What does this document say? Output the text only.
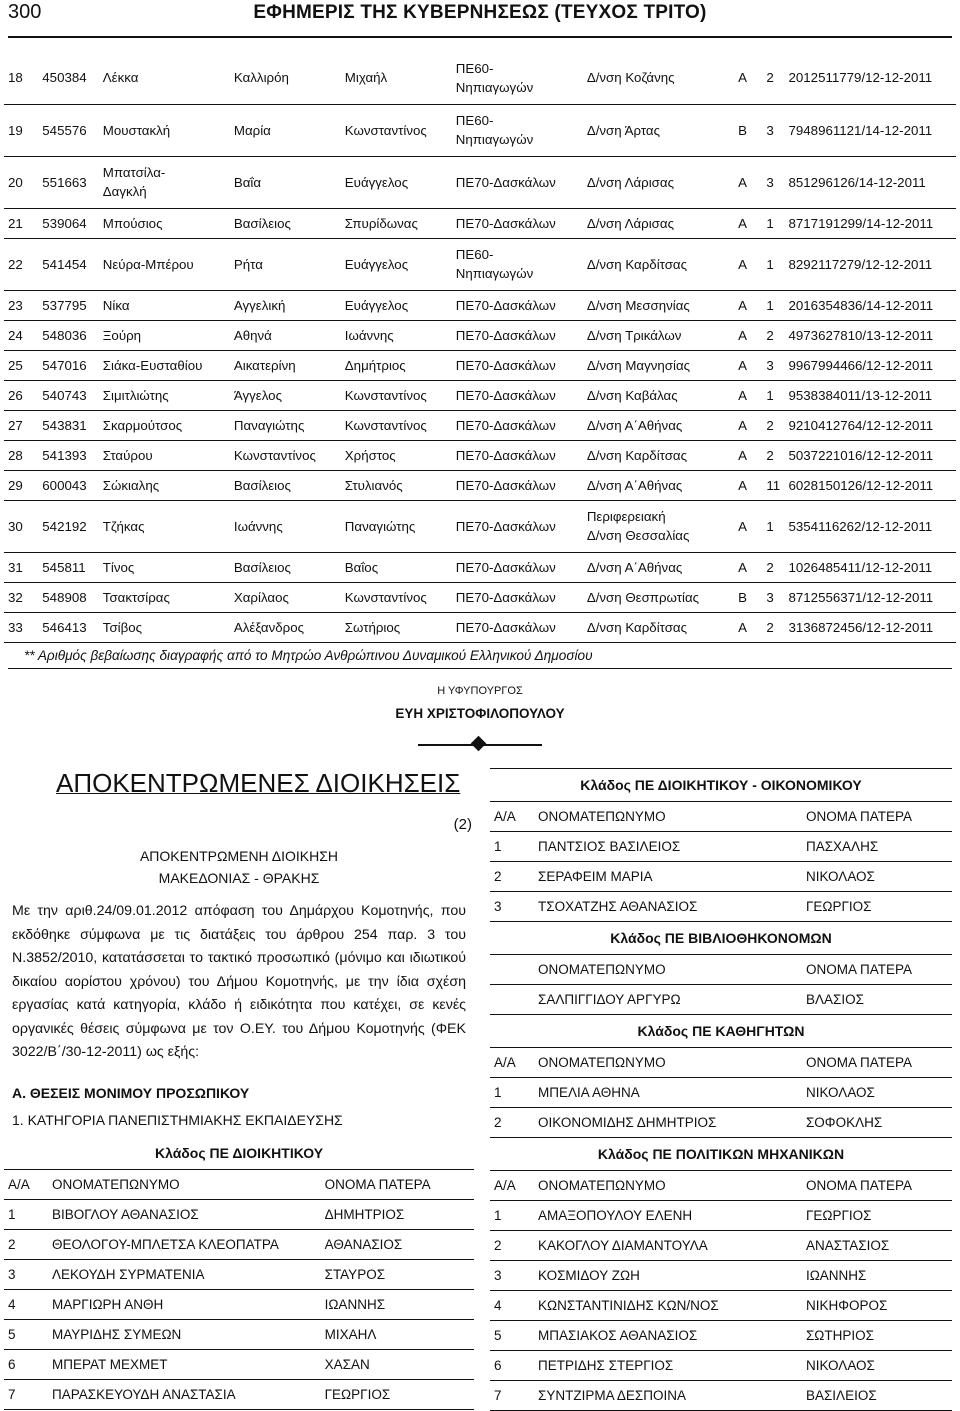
300	ΕΦΗΜΕΡΙΣ ΤΗΣ ΚΥΒΕΡΝΗΣΕΩΣ (ΤΕΥΧΟΣ ΤΡΙΤΟ)
18	450384	Λέκκα	Καλλιρόη	Μιχαήλ	ΠΕ60-
Νηπιαγωγών	Δ/νση Κοζάνης	Α	2	2012511779/12-12-2011
19	545576	Μουστακλή	Μαρία	Κωνσταντίνος	ΠΕ60-
Νηπιαγωγών	Δ/νση Άρτας	Β	3	7948961121/14-12-2011
20	551663	Μπατσίλα-
Δαγκλή	Βαΐα	Ευάγγελος	ΠΕ70-Δασκάλων	Δ/νση Λάρισας	Α	3	851296126/14-12-2011
21	539064	Μπούσιος	Βασίλειος	Σπυρίδωνας	ΠΕ70-Δασκάλων	Δ/νση Λάρισας	Α	1	8717191299/14-12-2011
22	541454	Νεύρα-Μπέρου	Ρήτα	Ευάγγελος	ΠΕ60-
Νηπιαγωγών	Δ/νση Καρδίτσας	Α	1	8292117279/12-12-2011
23	537795	Νίκα	Αγγελική	Ευάγγελος	ΠΕ70-Δασκάλων	Δ/νση Μεσσηνίας	Α	1	2016354836/14-12-2011
24	548036	Ξούρη	Αθηνά	Ιωάννης	ΠΕ70-Δασκάλων	Δ/νση Τρικάλων	Α	2	4973627810/13-12-2011
25	547016	Σιάκα-Ευσταθίου	Αικατερίνη	Δημήτριος	ΠΕ70-Δασκάλων	Δ/νση Μαγνησίας	Α	3	9967994466/12-12-2011
26	540743	Σιμιτλιώτης	Άγγελος	Κωνσταντίνος	ΠΕ70-Δασκάλων	Δ/νση Καβάλας	Α	1	9538384011/13-12-2011
27	543831	Σκαρμούτσος	Παναγιώτης	Κωνσταντίνος	ΠΕ70-Δασκάλων	Δ/νση Α΄Αθήνας	Α	2	9210412764/12-12-2011
28	541393	Σταύρου	Κωνσταντίνος	Χρήστος	ΠΕ70-Δασκάλων	Δ/νση Καρδίτσας	Α	2	5037221016/12-12-2011
29	600043	Σώκιαλης	Βασίλειος	Στυλιανός	ΠΕ70-Δασκάλων	Δ/νση Α΄Αθήνας	Α	11	6028150126/12-12-2011
30	542192	Τζήκας	Ιωάννης	Παναγιώτης	ΠΕ70-Δασκάλων	Περιφερειακή
Δ/νση Θεσσαλίας	Α	1	5354116262/12-12-2011
31	545811	Τίνος	Βασίλειος	Βαΐος	ΠΕ70-Δασκάλων	Δ/νση Α΄Αθήνας	Α	2	1026485411/12-12-2011
32	548908	Τσακτσίρας	Χαρίλαος	Κωνσταντίνος	ΠΕ70-Δασκάλων	Δ/νση Θεσπρωτίας	Β	3	8712556371/12-12-2011
33	546413	Τσίβος	Αλέξανδρος	Σωτήριος	ΠΕ70-Δασκάλων	Δ/νση Καρδίτσας	Α	2	3136872456/12-12-2011
** Αριθμός βεβαίωσης διαγραφής από το Μητρώο Ανθρώπινου Δυναμικού Ελληνικού Δημοσίου
Η ΥΦΥΠΟΥΡΓΟΣ
ΕΥΗ ΧΡΙΣΤΟΦΙΛΟΠΟΥΛΟΥ
ΑΠΟΚΕΝΤΡΩΜΕΝΕΣ ΔΙΟΙΚΗΣΕΙΣ
(2)
ΑΠΟΚΕΝΤΡΩΜΕΝΗ ΔΙΟΙΚΗΣΗ
ΜΑΚΕΔΟΝΙΑΣ - ΘΡΑΚΗΣ
Με την αριθ.24/09.01.2012 απόφαση του Δημάρχου Κομοτηνής, που εκδόθηκε σύμφωνα με τις διατάξεις του άρθρου 254 παρ. 3 του Ν.3852/2010, κατατάσσεται το τακτικό προσωπικό (μόνιμο και ιδιωτικού δικαίου αορίστου χρόνου) του Δήμου Κομοτηνής, με την ίδια σχέση εργασίας κατά κατηγορία, κλάδο ή ειδικότητα που κατέχει, σε κενές οργανικές θέσεις σύμφωνα με τον Ο.ΕΥ. του Δήμου Κομοτηνής (ΦΕΚ 3022/Β΄/30-12-2011) ως εξής:
Α. ΘΕΣΕΙΣ ΜΟΝΙΜΟΥ ΠΡΟΣΩΠΙΚΟΥ
1. ΚΑΤΗΓΟΡΙΑ ΠΑΝΕΠΙΣΤΗΜΙΑΚΗΣ ΕΚΠΑΙΔΕΥΣΗΣ
Κλάδος ΠΕ ΔΙΟΙΚΗΤΙΚΟΥ
Α/Α	ΟΝΟΜΑΤΕΠΩΝΥΜΟ	ΟΝΟΜΑ ΠΑΤΕΡΑ
1	ΒΙΒΟΓΛΟΥ ΑΘΑΝΑΣΙΟΣ	ΔΗΜΗΤΡΙΟΣ
2	ΘΕΟΛΟΓΟΥ-ΜΠΛΕΤΣΑ ΚΛΕΟΠΑΤΡΑ	ΑΘΑΝΑΣΙΟΣ
3	ΛΕΚΟΥΔΗ ΣΥΡΜΑΤΕΝΙΑ	ΣΤΑΥΡΟΣ
4	ΜΑΡΓΙΩΡΗ ΑΝΘΗ	ΙΩΑΝΝΗΣ
5	ΜΑΥΡΙΔΗΣ ΣΥΜΕΩΝ	ΜΙΧΑΗΛ
6	ΜΠΕΡΑΤ ΜΕΧΜΕΤ	ΧΑΣΑΝ
7	ΠΑΡΑΣΚΕΥΟΥΔΗ ΑΝΑΣΤΑΣΙΑ	ΓΕΩΡΓΙΟΣ
Κλάδος ΠΕ ΔΙΟΙΚΗΤΙΚΟΥ - ΟΙΚΟΝΟΜΙΚΟΥ
Α/Α	ΟΝΟΜΑΤΕΠΩΝΥΜΟ	ΟΝΟΜΑ ΠΑΤΕΡΑ
1	ΠΑΝΤΣΙΟΣ ΒΑΣΙΛΕΙΟΣ	ΠΑΣΧΑΛΗΣ
2	ΣΕΡΑΦΕΙΜ ΜΑΡΙΑ	ΝΙΚΟΛΑΟΣ
3	ΤΣΟΧΑΤΖΗΣ ΑΘΑΝΑΣΙΟΣ	ΓΕΩΡΓΙΟΣ
Κλάδος ΠΕ ΒΙΒΛΙΟΘΗΚΟΝΟΜΩΝ
	ΟΝΟΜΑΤΕΠΩΝΥΜΟ	ΟΝΟΜΑ ΠΑΤΕΡΑ
	ΣΑΛΠΙΓΓΙΔΟΥ ΑΡΓΥΡΩ	ΒΛΑΣΙΟΣ
Κλάδος ΠΕ ΚΑΘΗΓΗΤΩΝ
Α/Α	ΟΝΟΜΑΤΕΠΩΝΥΜΟ	ΟΝΟΜΑ ΠΑΤΕΡΑ
1	ΜΠΕΛΙΑ ΑΘΗΝΑ	ΝΙΚΟΛΑΟΣ
2	ΟΙΚΟΝΟΜΙΔΗΣ ΔΗΜΗΤΡΙΟΣ	ΣΟΦΟΚΛΗΣ
Κλάδος ΠΕ ΠΟΛΙΤΙΚΩΝ ΜΗΧΑΝΙΚΩΝ
Α/Α	ΟΝΟΜΑΤΕΠΩΝΥΜΟ	ΟΝΟΜΑ ΠΑΤΕΡΑ
1	ΑΜΑΞΟΠΟΥΛΟΥ ΕΛΕΝΗ	ΓΕΩΡΓΙΟΣ
2	ΚΑΚΟΓΛΟΥ ΔΙΑΜΑΝΤΟΥΛΑ	ΑΝΑΣΤΑΣΙΟΣ
3	ΚΟΣΜΙΔΟΥ ΖΩΗ	ΙΩΑΝΝΗΣ
4	ΚΩΝΣΤΑΝΤΙΝΙΔΗΣ ΚΩΝ/ΝΟΣ	ΝΙΚΗΦΟΡΟΣ
5	ΜΠΑΣΙΑΚΟΣ ΑΘΑΝΑΣΙΟΣ	ΣΩΤΗΡΙΟΣ
6	ΠΕΤΡΙΔΗΣ ΣΤΕΡΓΙΟΣ	ΝΙΚΟΛΑΟΣ
7	ΣΥΝΤΖΙΡΜΑ ΔΕΣΠΟΙΝΑ	ΒΑΣΙΛΕΙΟΣ
